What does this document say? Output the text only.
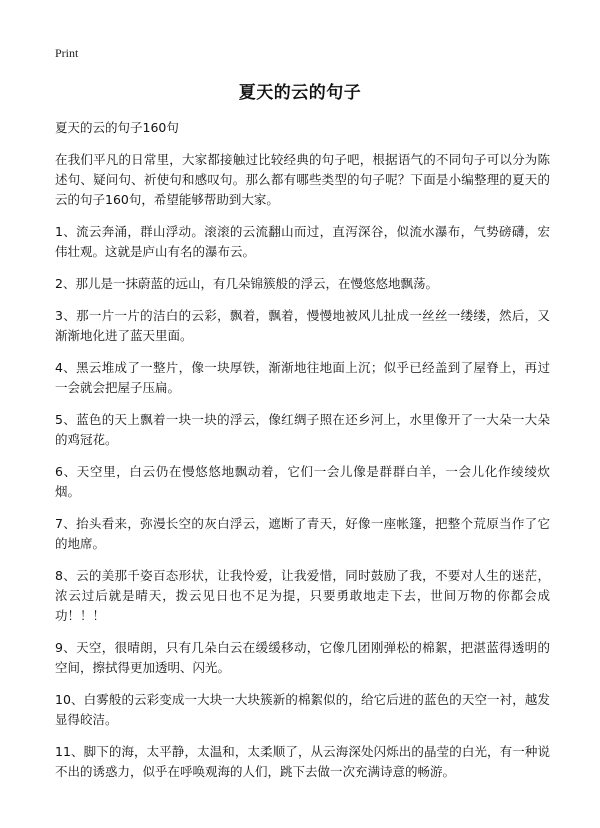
Print
夏天的云的句子

夏天的云的句子160句

在我们平凡的日常里，大家都接触过比较经典的句子吧，根据语气的不同句子可以分为陈述句、疑问句、祈使句和感叹句。那么都有哪些类型的句子呢？下面是小编整理的夏天的云的句子160句，希望能够帮助到大家。

1、流云奔涌，群山浮动。滚滚的云流翻山而过，直泻深谷，似流水瀑布，气势磅礴，宏伟壮观。这就是庐山有名的瀑布云。

2、那儿是一抹蔚蓝的远山，有几朵锦簇般的浮云，在慢悠悠地飘荡。

3、那一片一片的洁白的云彩，飘着，飘着，慢慢地被风儿扯成一丝丝一缕缕，然后，又渐渐地化进了蓝天里面。

4、黑云堆成了一整片，像一块厚铁，渐渐地往地面上沉；似乎已经盖到了屋脊上，再过一会就会把屋子压扁。

5、蓝色的天上飘着一块一块的浮云，像红绸子照在还乡河上，水里像开了一大朵一大朵的鸡冠花。

6、天空里，白云仍在慢悠悠地飘动着，它们一会儿像是群群白羊，一会儿化作绫绫炊烟。

7、抬头看来，弥漫长空的灰白浮云，遮断了青天，好像一座帐篷，把整个荒原当作了它的地席。

8、云的美那千姿百态形状，让我怜爱，让我爱惜，同时鼓励了我，不要对人生的迷茫，浓云过后就是晴天，拨云见日也不足为提，只要勇敢地走下去，世间万物的你都会成功！！！

9、天空，很晴朗，只有几朵白云在缓缓移动，它像几团刚弹松的棉絮，把湛蓝得透明的空间，擦拭得更加透明、闪光。

10、白雾般的云彩变成一大块一大块簇新的棉絮似的，给它后进的蓝色的天空一衬，越发显得皎洁。

11、脚下的海，太平静，太温和，太柔顺了，从云海深处闪烁出的晶莹的白光，有一种说不出的诱惑力，似乎在呼唤观海的人们，跳下去做一次充满诗意的畅游。
